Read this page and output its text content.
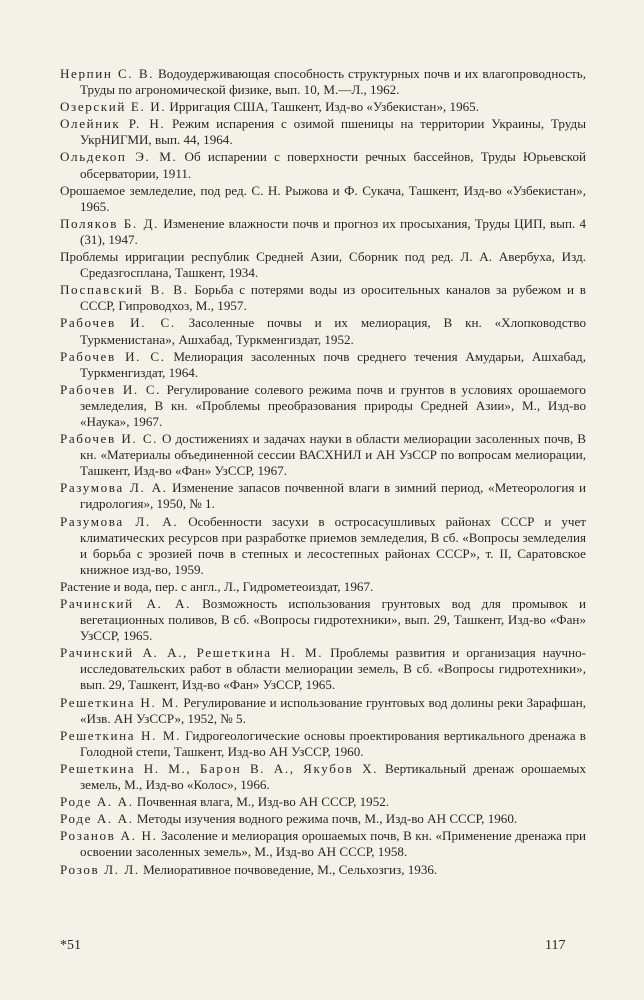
Нерпин С. В. Водоудерживающая способность структурных почв и их влагопроводность, Труды по агрономической физике, вып. 10, М.—Л., 1962.
Озерский Е. И. Ирригация США, Ташкент, Изд-во «Узбекистан», 1965.
Олейник Р. Н. Режим испарения с озимой пшеницы на территории Украины, Труды УкрНИГМИ, вып. 44, 1964.
Ольдекоп Э. М. Об испарении с поверхности речных бассейнов, Труды Юрьевской обсерватории, 1911.
Орошаемое земледелие, под ред. С. Н. Рыжова и Ф. Сукача, Ташкент, Изд-во «Узбекистан», 1965.
Поляков Б. Д. Изменение влажности почв и прогноз их просыхания, Труды ЦИП, вып. 4 (31), 1947.
Проблемы ирригации республик Средней Азии, Сборник под ред. Л. А. Авербуха, Изд. Средазгосплана, Ташкент, 1934.
Поспавский В. В. Борьба с потерями воды из оросительных каналов за рубежом и в СССР, Гипроводхоз, М., 1957.
Рабочев И. С. Засоленные почвы и их мелиорация, В кн. «Хлопководство Туркменистана», Ашхабад, Туркменгиздат, 1952.
Рабочев И. С. Мелиорация засоленных почв среднего течения Амударьи, Ашхабад, Туркменгиздат, 1964.
Рабочев И. С. Регулирование солевого режима почв и грунтов в условиях орошаемого земледелия, В кн. «Проблемы преобразования природы Средней Азии», М., Изд-во «Наука», 1967.
Рабочев И. С. О достижениях и задачах науки в области мелиорации засоленных почв, В кн. «Материалы объединенной сессии ВАСХНИЛ и АН УзССР по вопросам мелиорации, Ташкент, Изд-во «Фан» УзССР, 1967.
Разумова Л. А. Изменение запасов почвенной влаги в зимний период, «Метеорология и гидрология», 1950, № 1.
Разумова Л. А. Особенности засухи в остросасушливых районах СССР и учет климатических ресурсов при разработке приемов земледелия, В сб. «Вопросы земледелия и борьба с эрозией почв в степных и лесостепных районах СССР», т. II, Саратовское книжное изд-во, 1959.
Растение и вода, пер. с англ., Л., Гидрометеоиздат, 1967.
Рачинский А. А. Возможность использования грунтовых вод для промывок и вегетационных поливов, В сб. «Вопросы гидротехники», вып. 29, Ташкент, Изд-во «Фан» УзССР, 1965.
Рачинский А. А., Решеткина Н. М. Проблемы развития и организация научно-исследовательских работ в области мелиорации земель, В сб. «Вопросы гидротехники», вып. 29, Ташкент, Изд-во «Фан» УзССР, 1965.
Решеткина Н. М. Регулирование и использование грунтовых вод долины реки Зарафшан, «Изв. АН УзССР», 1952, № 5.
Решеткина Н. М. Гидрогеологические основы проектирования вертикального дренажа в Голодной степи, Ташкент, Изд-во АН УзССР, 1960.
Решеткина Н. М., Барон В. А., Якубов Х. Вертикальный дренаж орошаемых земель, М., Изд-во «Колос», 1966.
Роде А. А. Почвенная влага, М., Изд-во АН СССР, 1952.
Роде А. А. Методы изучения водного режима почв, М., Изд-во АН СССР, 1960.
Розанов А. Н. Засоление и мелиорация орошаемых почв, В кн. «Применение дренажа при освоении засоленных земель», М., Изд-во АН СССР, 1958.
Розов Л. Л. Мелиоративное почвоведение, М., Сельхозгиз, 1936.
*51	117
